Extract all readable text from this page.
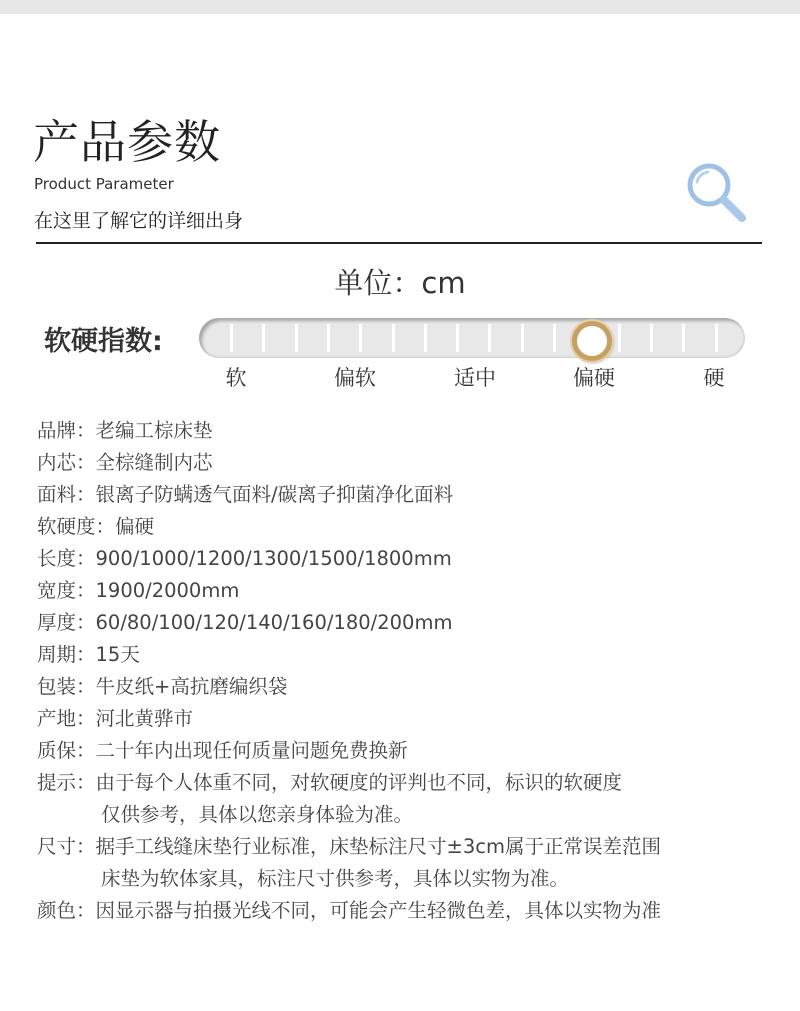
产品参数
Product Parameter
在这里了解它的详细出身
单位：cm
软硬指数:
软	偏软	适中	偏硬	硬
品牌：老编工棕床垫
内芯：全棕缝制内芯
面料：银离子防螨透气面料/碳离子抑菌净化面料
软硬度：偏硬
长度：900/1000/1200/1300/1500/1800mm
宽度：1900/2000mm
厚度：60/80/100/120/140/160/180/200mm
周期：15天
包装：牛皮纸+高抗磨编织袋
产地：河北黄骅市
质保：二十年内出现任何质量问题免费换新
提示：由于每个人体重不同，对软硬度的评判也不同，标识的软硬度
仅供参考，具体以您亲身体验为准。
尺寸：据手工线缝床垫行业标准，床垫标注尺寸±3cm属于正常误差范围
床垫为软体家具，标注尺寸供参考，具体以实物为准。
颜色：因显示器与拍摄光线不同，可能会产生轻微色差，具体以实物为准
